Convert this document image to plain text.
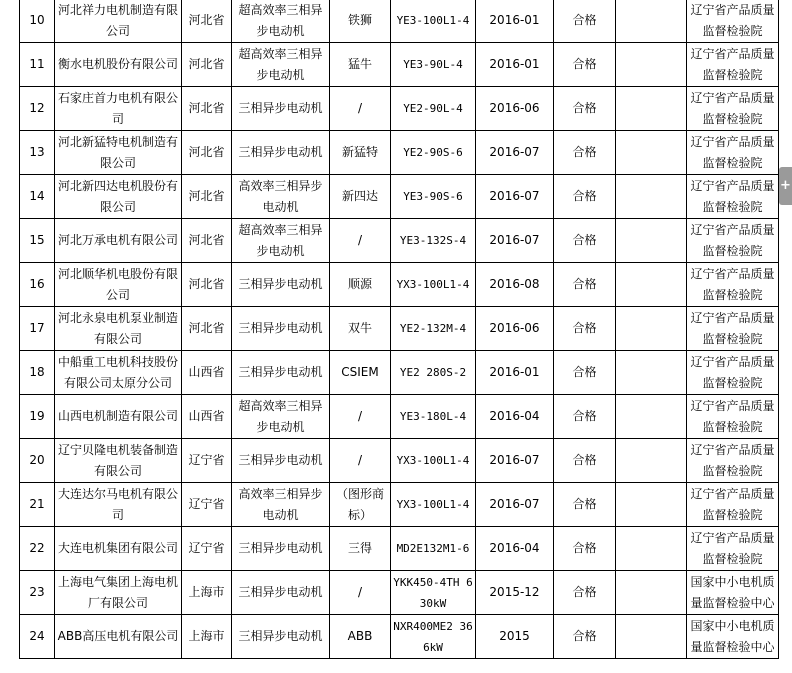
10	河北祥力电机制造有限公司	河北省	超高效率三相异步电动机	铁狮	YE3-100L1-4	2016-01	合格		辽宁省产品质量监督检验院
11	衡水电机股份有限公司	河北省	超高效率三相异步电动机	猛牛	YE3-90L-4	2016-01	合格		辽宁省产品质量监督检验院
12	石家庄首力电机有限公司	河北省	三相异步电动机	/	YE2-90L-4	2016-06	合格		辽宁省产品质量监督检验院
13	河北新猛特电机制造有限公司	河北省	三相异步电动机	新猛特	YE2-90S-6	2016-07	合格		辽宁省产品质量监督检验院
14	河北新四达电机股份有限公司	河北省	高效率三相异步电动机	新四达	YE3-90S-6	2016-07	合格		辽宁省产品质量监督检验院
15	河北万承电机有限公司	河北省	超高效率三相异步电动机	/	YE3-132S-4	2016-07	合格		辽宁省产品质量监督检验院
16	河北顺华机电股份有限公司	河北省	三相异步电动机	顺源	YX3-100L1-4	2016-08	合格		辽宁省产品质量监督检验院
17	河北永泉电机泵业制造有限公司	河北省	三相异步电动机	双牛	YE2-132M-4	2016-06	合格		辽宁省产品质量监督检验院
18	中船重工电机科技股份有限公司太原分公司	山西省	三相异步电动机	CSIEM	YE2 280S-2	2016-01	合格		辽宁省产品质量监督检验院
19	山西电机制造有限公司	山西省	超高效率三相异步电动机	/	YE3-180L-4	2016-04	合格		辽宁省产品质量监督检验院
20	辽宁贝隆电机装备制造有限公司	辽宁省	三相异步电动机	/	YX3-100L1-4	2016-07	合格		辽宁省产品质量监督检验院
21	大连达尔马电机有限公司	辽宁省	高效率三相异步电动机	（图形商标）	YX3-100L1-4	2016-07	合格		辽宁省产品质量监督检验院
22	大连电机集团有限公司	辽宁省	三相异步电动机	三得	MD2E132M1-6	2016-04	合格		辽宁省产品质量监督检验院
23	上海电气集团上海电机厂有限公司	上海市	三相异步电动机	/	YKK450-4TH 630kW	2015-12	合格		国家中小电机质量监督检验中心
24	ABB高压电机有限公司	上海市	三相异步电动机	ABB	NXR400ME2 366kW	2015	合格		国家中小电机质量监督检验中心
+
